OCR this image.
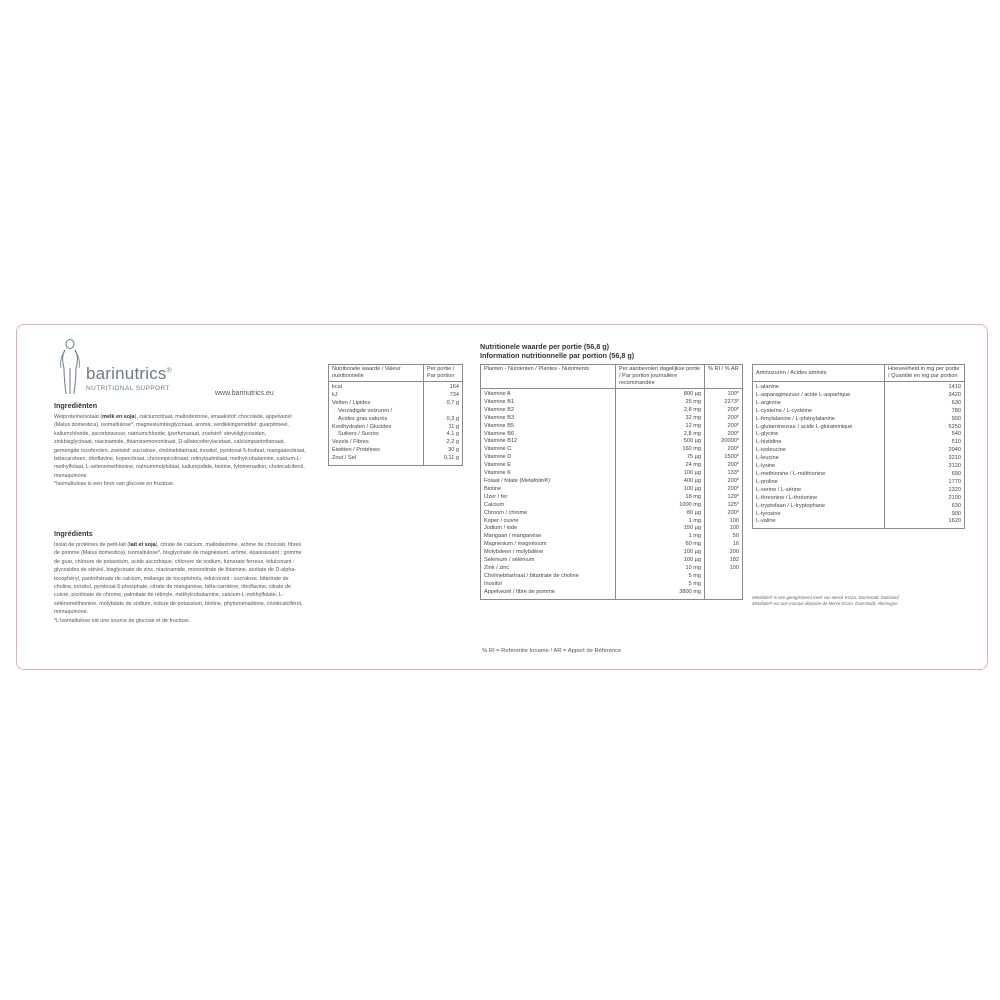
barinutrics®
NUTRITIONAL SUPPORT
www.barinutrics.eu
Ingrediënten
Weiproteïneïsolaat (melk en soja), calciumcitraat, maltodextrine, smaakstof: chocolade, appelvezel (Malus domestica), isomaltulose*, magnesiumbisglycinaat, aroma, verdikkingsmiddel: guarpitmeel, kaliumchloride, ascorbinezuur, natriumchloride, ijzerfumaraat, zoetstof: steviolglycosiden, zinkbisglycinaat, niacinamide, thiaminemononitraat, D-alfatocoferylacetaat, calciumpantothenaat, gemengde tocoferolen, zoetstof: sucralose, cholinebitartraat, inositol, pyridoxal-5-fosfaat, mangaancitraat, bètacaroteen, riboflavine, kopercitraat, chroompicolinaat, retinylpalmitaat, methylcobalamine, calcium-L-methylfolaat, L-selenomethionine, natriummolybdaat, kaliumjodide, biotine, fytomenadion, cholecalciferol, menaquinone
*Isomaltulose is een bron van glucose en fructose.
Ingrédients
Isolat de protéines de petit-lait (lait et soja), citrate de calcium, maltodextrine, arôme de chocolat, fibres de pomme (Malus domestica), isomaltulose*, bisglycinate de magnésium, arôme, épaississant : gomme de guar, chlorure de potassium, acide ascorbique, chlorure de sodium, fumarate ferreux, édulcorant : glycosides de stéviol, bisglycinate de zinc, niacinamide, mononitrate de thiamine, acétate de D-alpha-tocophéryl, pantothénate de calcium, mélange de tocophérols, édulcorant : sucralose, bitartrate de choline, inositol, pyridoxal-5-phosphate, citrate de manganèse, bêta-carotène, riboflavine, citrate de cuivre, picolinate de chrome, palmitate de rétinyle, méthylcobalamine, calcium-L-méthylfolate, L-sélénométhionine, molybdate de sodium, iodure de potassium, biotine, phytoménadione, cholécalciférol, ménaquinone.
*L'isomaltulose est une source de glucose et de fructose.
Nutritionele waarde / Valeur nutritionnelle	Per portie / Par portion
kcal	164
kJ	734
Vetten / Lipides	0,7 g
Verzadigde vetzuren /	
Acides gras saturés	0,3 g
Koolhydraten / Glucides	11 g
Suikers / Sucres	4,1 g
Vezels / Fibres	2,2 g
Eiwitten / Protéines	30 g
Zout / Sel	0,11 g
Nutritionele waarde per portie (56,8 g)
Information nutritionnelle par portion (56,8 g)
Planten - Nutriënten / Plantes - Nutriments	Per aanbevolen dagelijkse portie / Par portion journalière recommandée	% RI / % AR
Vitamine A	800 µg	100*
Vitamine B1	25 mg	2273*
Vitamine B2	2,8 mg	200*
Vitamine B3	32 mg	200*
Vitamine B5	12 mg	200*
Vitamine B6	2,8 mg	200*
Vitamine B12	500 µg	20000*
Vitamine C	160 mg	200*
Vitamine D	75 µg	1500*
Vitamine E	24 mg	200*
Vitamine K	100 µg	133*
Folaat / folate (Metafolin®)	400 µg	200*
Biotine	100 µg	200*
IJzer / fer	18 mg	129*
Calcium	1000 mg	125*
Chroom / chrome	80 µg	200*
Koper / cuivre	1 mg	100
Jodium / iode	150 µg	100
Mangaan / manganèse	1 mg	50
Magnesium / magnésium	60 mg	16
Molybdeen / molybdène	100 µg	200
Selenium / sélénium	100 µg	182
Zink / zinc	10 mg	100
Cholinebitartraat / bitartrate de choline	5 mg	
Inositol	5 mg	
Appelvezel / fibre de pomme	3800 mg	
% RI = Referentie Inname / AR = Apport de Référence
Aminozuren / Acides aminés	Hoeveelheid in mg per portie / Quantité en mg par portion
L-alanine	1410
L-asparaginezuur / acide L-aspartique	3420
L-arginine	630
L-cysteïne / L-cystéine	780
L-fenylalanine / L-phénylalanine	900
L-glutaminezuur / acide L-glutaminique	5250
L-glycine	540
L-histidine	510
L-isoleucine	2040
L-leucine	3210
L-lysine	3120
L-methionine / L-méthionine	690
L-proline	1770
L-serine / L-sérine	1320
L-threonine / L-thréonine	2100
L-tryptofaan / L-tryptophane	630
L-tyrosine	900
L-valine	1620
Metafolin® is een geregistreerd merk van Merck KGaA, Darmstadt, Duitsland
Metafolin® est une marque déposée de Merck KGaA, Darmstadt, Allemagne
